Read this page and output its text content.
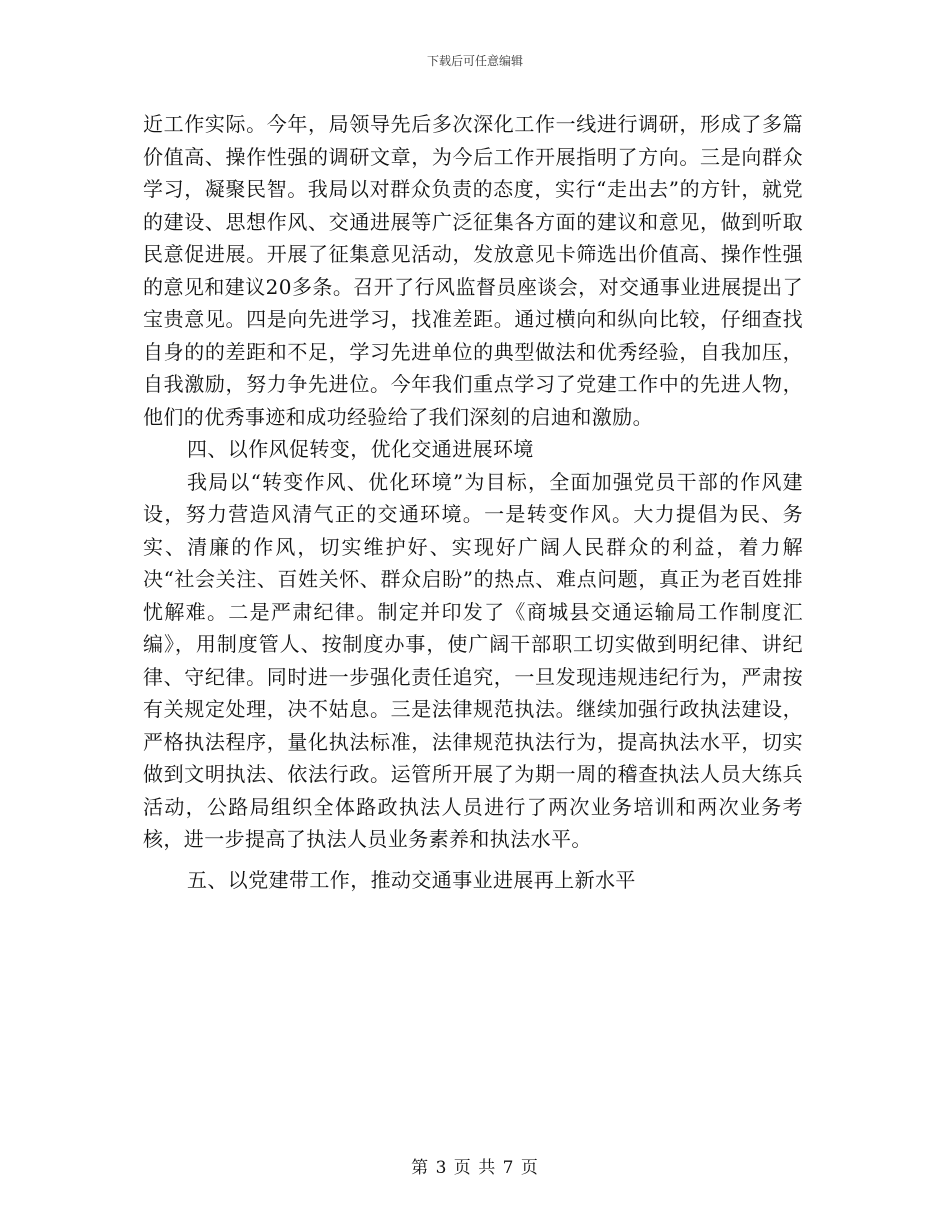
下载后可任意编辑

近工作实际。今年，局领导先后多次深化工作一线进行调研，形成了多篇价值高、操作性强的调研文章，为今后工作开展指明了方向。三是向群众学习，凝聚民智。我局以对群众负责的态度，实行“走出去”的方针，就党的建设、思想作风、交通进展等广泛征集各方面的建议和意见，做到听取民意促进展。开展了征集意见活动，发放意见卡筛选出价值高、操作性强的意见和建议20多条。召开了行风监督员座谈会，对交通事业进展提出了宝贵意见。四是向先进学习，找准差距。通过横向和纵向比较，仔细查找自身的的差距和不足，学习先进单位的典型做法和优秀经验，自我加压，自我激励，努力争先进位。今年我们重点学习了党建工作中的先进人物，他们的优秀事迹和成功经验给了我们深刻的启迪和激励。

四、以作风促转变，优化交通进展环境

我局以“转变作风、优化环境”为目标，全面加强党员干部的作风建设，努力营造风清气正的交通环境。一是转变作风。大力提倡为民、务实、清廉的作风，切实维护好、实现好广阔人民群众的利益，着力解决“社会关注、百姓关怀、群众启盼”的热点、难点问题，真正为老百姓排忧解难。二是严肃纪律。制定并印发了《商城县交通运输局工作制度汇编》，用制度管人、按制度办事，使广阔干部职工切实做到明纪律、讲纪律、守纪律。同时进一步强化责任追究，一旦发现违规违纪行为，严肃按有关规定处理，决不姑息。三是法律规范执法。继续加强行政执法建设，严格执法程序，量化执法标准，法律规范执法行为，提高执法水平，切实做到文明执法、依法行政。运管所开展了为期一周的稽查执法人员大练兵活动，公路局组织全体路政执法人员进行了两次业务培训和两次业务考核，进一步提高了执法人员业务素养和执法水平。

五、以党建带工作，推动交通事业进展再上新水平

第 3 页 共 7 页
